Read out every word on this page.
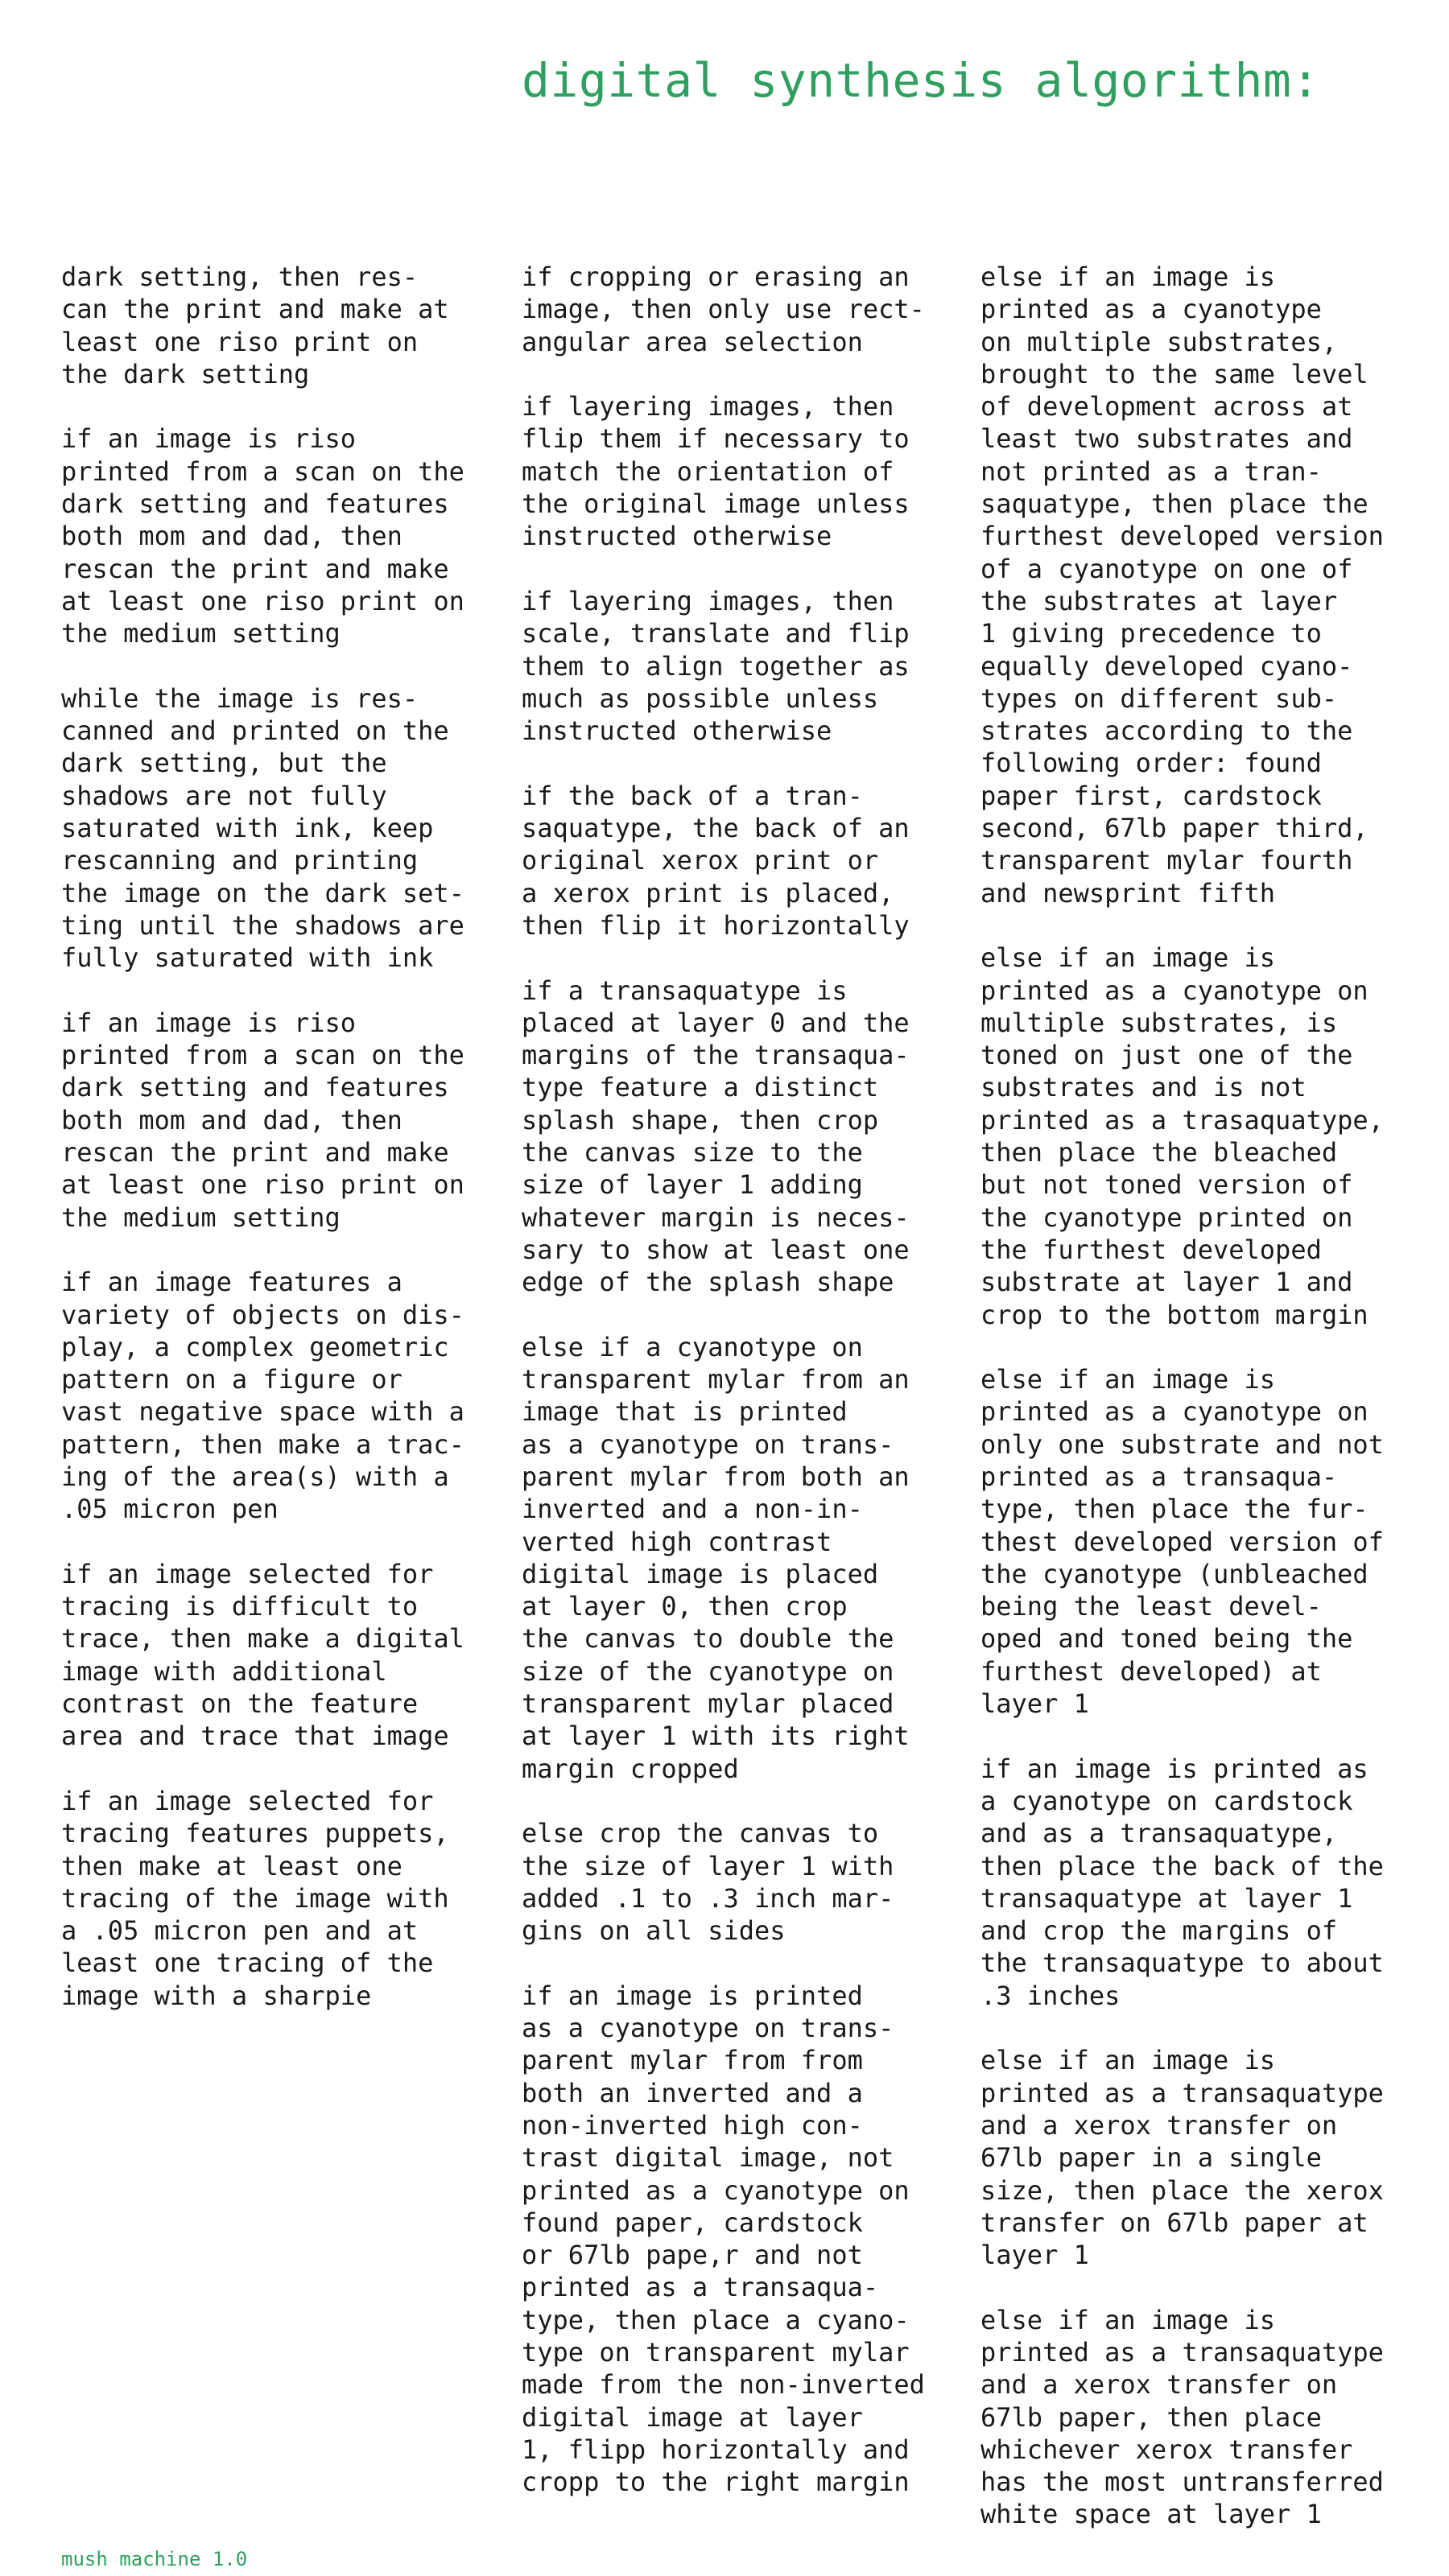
digital synthesis algorithm:

dark setting, then res-
can the print and make at
least one riso print on
the dark setting

if an image is riso
printed from a scan on the
dark setting and features
both mom and dad, then
rescan the print and make
at least one riso print on
the medium setting

while the image is res-
canned and printed on the
dark setting, but the
shadows are not fully
saturated with ink, keep
rescanning and printing
the image on the dark set-
ting until the shadows are
fully saturated with ink

if an image is riso
printed from a scan on the
dark setting and features
both mom and dad, then
rescan the print and make
at least one riso print on
the medium setting

if an image features a
variety of objects on dis-
play, a complex geometric
pattern on a figure or
vast negative space with a
pattern, then make a trac-
ing of the area(s) with a
.05 micron pen

if an image selected for
tracing is difficult to
trace, then make a digital
image with additional
contrast on the feature
area and trace that image

if an image selected for
tracing features puppets,
then make at least one
tracing of the image with
a .05 micron pen and at
least one tracing of the
image with a sharpie

if cropping or erasing an
image, then only use rect-
angular area selection

if layering images, then
flip them if necessary to
match the orientation of
the original image unless
instructed otherwise

if layering images, then
scale, translate and flip
them to align together as
much as possible unless
instructed otherwise

if the back of a tran-
saquatype, the back of an
original xerox print or
a xerox print is placed,
then flip it horizontally

if a transaquatype is
placed at layer 0 and the
margins of the transaqua-
type feature a distinct
splash shape, then crop
the canvas size to the
size of layer 1 adding
whatever margin is neces-
sary to show at least one
edge of the splash shape

else if a cyanotype on
transparent mylar from an
image that is printed
as a cyanotype on trans-
parent mylar from both an
inverted and a non-in-
verted high contrast
digital image is placed
at layer 0, then crop
the canvas to double the
size of the cyanotype on
transparent mylar placed
at layer 1 with its right
margin cropped

else crop the canvas to
the size of layer 1 with
added .1 to .3 inch mar-
gins on all sides

if an image is printed
as a cyanotype on trans-
parent mylar from from
both an inverted and a
non-inverted high con-
trast digital image, not
printed as a cyanotype on
found paper, cardstock
or 67lb pape,r and not
printed as a transaqua-
type, then place a cyano-
type on transparent mylar
made from the non-inverted
digital image at layer
1, flipp horizontally and
cropp to the right margin

else if an image is
printed as a cyanotype
on multiple substrates,
brought to the same level
of development across at
least two substrates and
not printed as a tran-
saquatype, then place the
furthest developed version
of a cyanotype on one of
the substrates at layer
1 giving precedence to
equally developed cyano-
types on different sub-
strates according to the
following order: found
paper first, cardstock
second, 67lb paper third,
transparent mylar fourth
and newsprint fifth

else if an image is
printed as a cyanotype on
multiple substrates, is
toned on just one of the
substrates and is not
printed as a trasaquatype,
then place the bleached
but not toned version of
the cyanotype printed on
the furthest developed
substrate at layer 1 and
crop to the bottom margin

else if an image is
printed as a cyanotype on
only one substrate and not
printed as a transaqua-
type, then place the fur-
thest developed version of
the cyanotype (unbleached
being the least devel-
oped and toned being the
furthest developed) at
layer 1

if an image is printed as
a cyanotype on cardstock
and as a transaquatype,
then place the back of the
transaquatype at layer 1
and crop the margins of
the transaquatype to about
.3 inches

else if an image is
printed as a transaquatype
and a xerox transfer on
67lb paper in a single
size, then place the xerox
transfer on 67lb paper at
layer 1

else if an image is
printed as a transaquatype
and a xerox transfer on
67lb paper, then place
whichever xerox transfer
has the most untransferred
white space at layer 1

mush machine 1.0
